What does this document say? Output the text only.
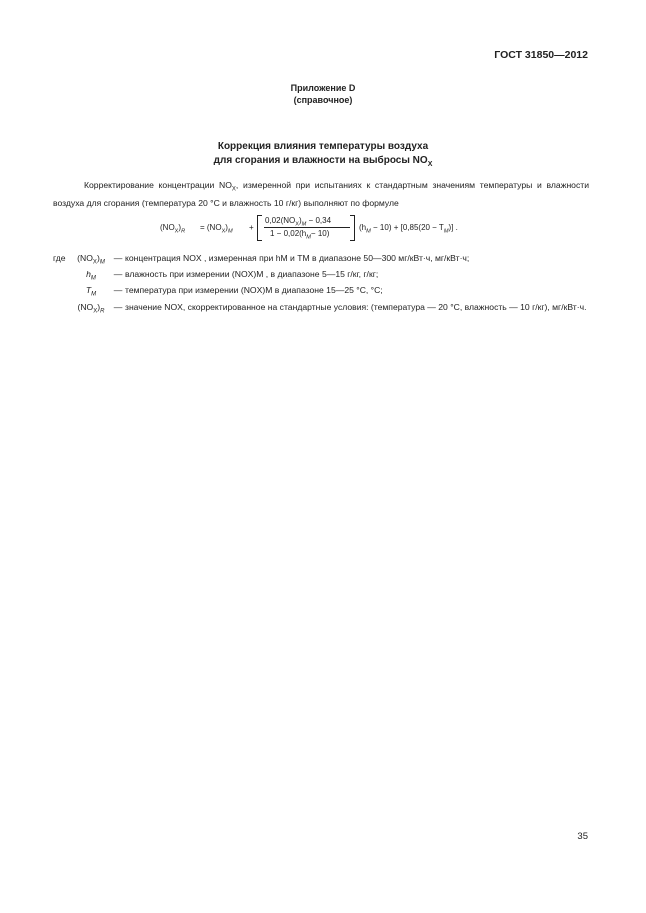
ГОСТ 31850—2012
Приложение D
(справочное)
Коррекция влияния температуры воздуха
для сгорания и влажности на выбросы $NO_X$
Корректирование концентрации $NO_X$, измеренной при испытаниях к стандартным значениям температуры и влажности воздуха для сгорания (температура 20 °С и влажность 10 г/кг) выполняют по формуле
$(NO_X)_R = (NO_X)_M$ +
$0,02(NO_X)_M - 0,34$
$1 - 0,02(h_M- 10)$
$(h_M - 10) + [0,85(20 - T_M)]$ .
где	$(NO_X)_M$	—	концентрация NOX , измеренная при hM и TM в диапазоне 50—300 мг/кВт·ч, мг/кВт·ч;
	$h_M$	—	влажность при измерении (NOX)M , в диапазоне 5—15 г/кг, г/кг;
	$T_M$	—	температура при измерении (NOX)M в диапазоне 15—25 °С, °С;
	$(NO_X)_R$	—	значение NOX, скорректированное на стандартные условия: (температура — 20 °С, влажность — 10 г/кг), мг/кВт·ч.
35
